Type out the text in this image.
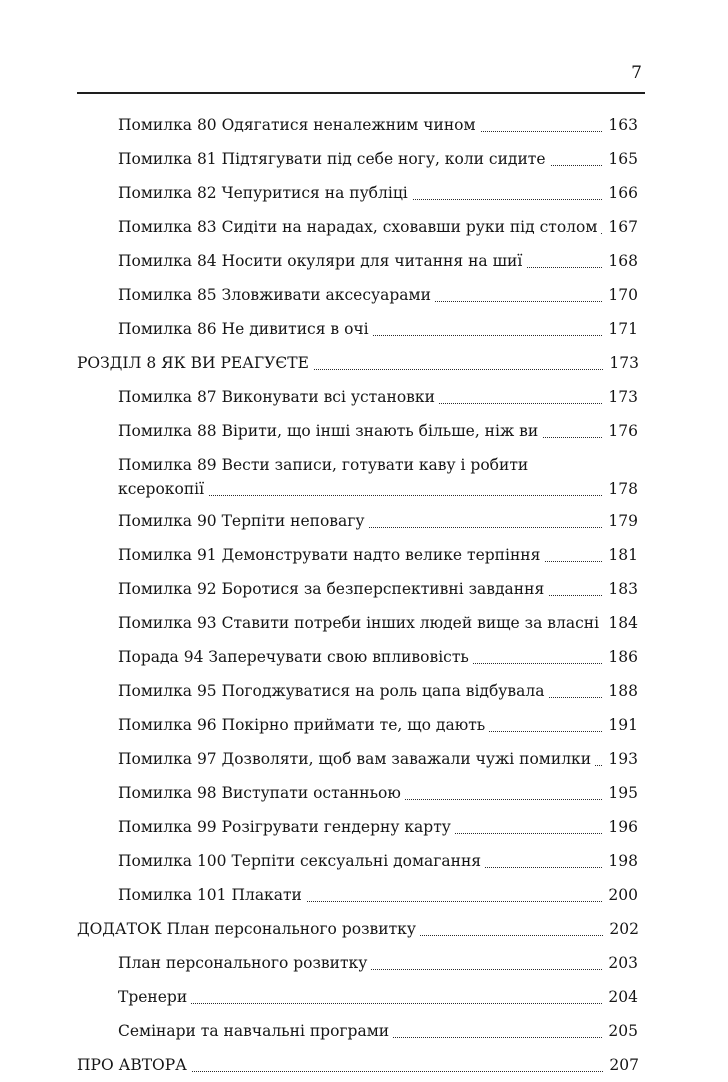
7
Помилка 80 Одягатися неналежним чином	163
Помилка 81 Підтягувати під себе ногу, коли сидите	165
Помилка 82 Чепуритися на публіці	166
Помилка 83 Сидіти на нарадах, сховавши руки під столом 167
Помилка 84 Носити окуляри для читання на шиї	168
Помилка 85 Зловживати аксесуарами	170
Помилка 86 Не дивитися в очі	171
РОЗДІЛ 8 ЯК ВИ РЕАГУЄТЕ	173
Помилка 87 Виконувати всі установки	173
Помилка 88 Вірити, що інші знають більше, ніж ви	176
Помилка 89 Вести записи, готувати каву і робити
ксерокопії	178
Помилка 90 Терпіти неповагу	179
Помилка 91 Демонструвати надто велике терпіння	181
Помилка 92 Боротися за безперспективні завдання	183
Помилка 93 Ставити потреби інших людей вище за власні 184
Порада 94 Заперечувати свою впливовість	186
Помилка 95 Погоджуватися на роль цапа відбувала	188
Помилка 96 Покірно приймати те, що дають	191
Помилка 97 Дозволяти, щоб вам заважали чужі помилки 193
Помилка 98 Виступати останньою	195
Помилка 99 Розігрувати гендерну карту	196
Помилка 100 Терпіти сексуальні домагання	198
Помилка 101 Плакати	200
ДОДАТОК План персонального розвитку	202
План персонального розвитку	203
Тренери	204
Семінари та навчальні програми	205
ПРО АВТОРА	207
